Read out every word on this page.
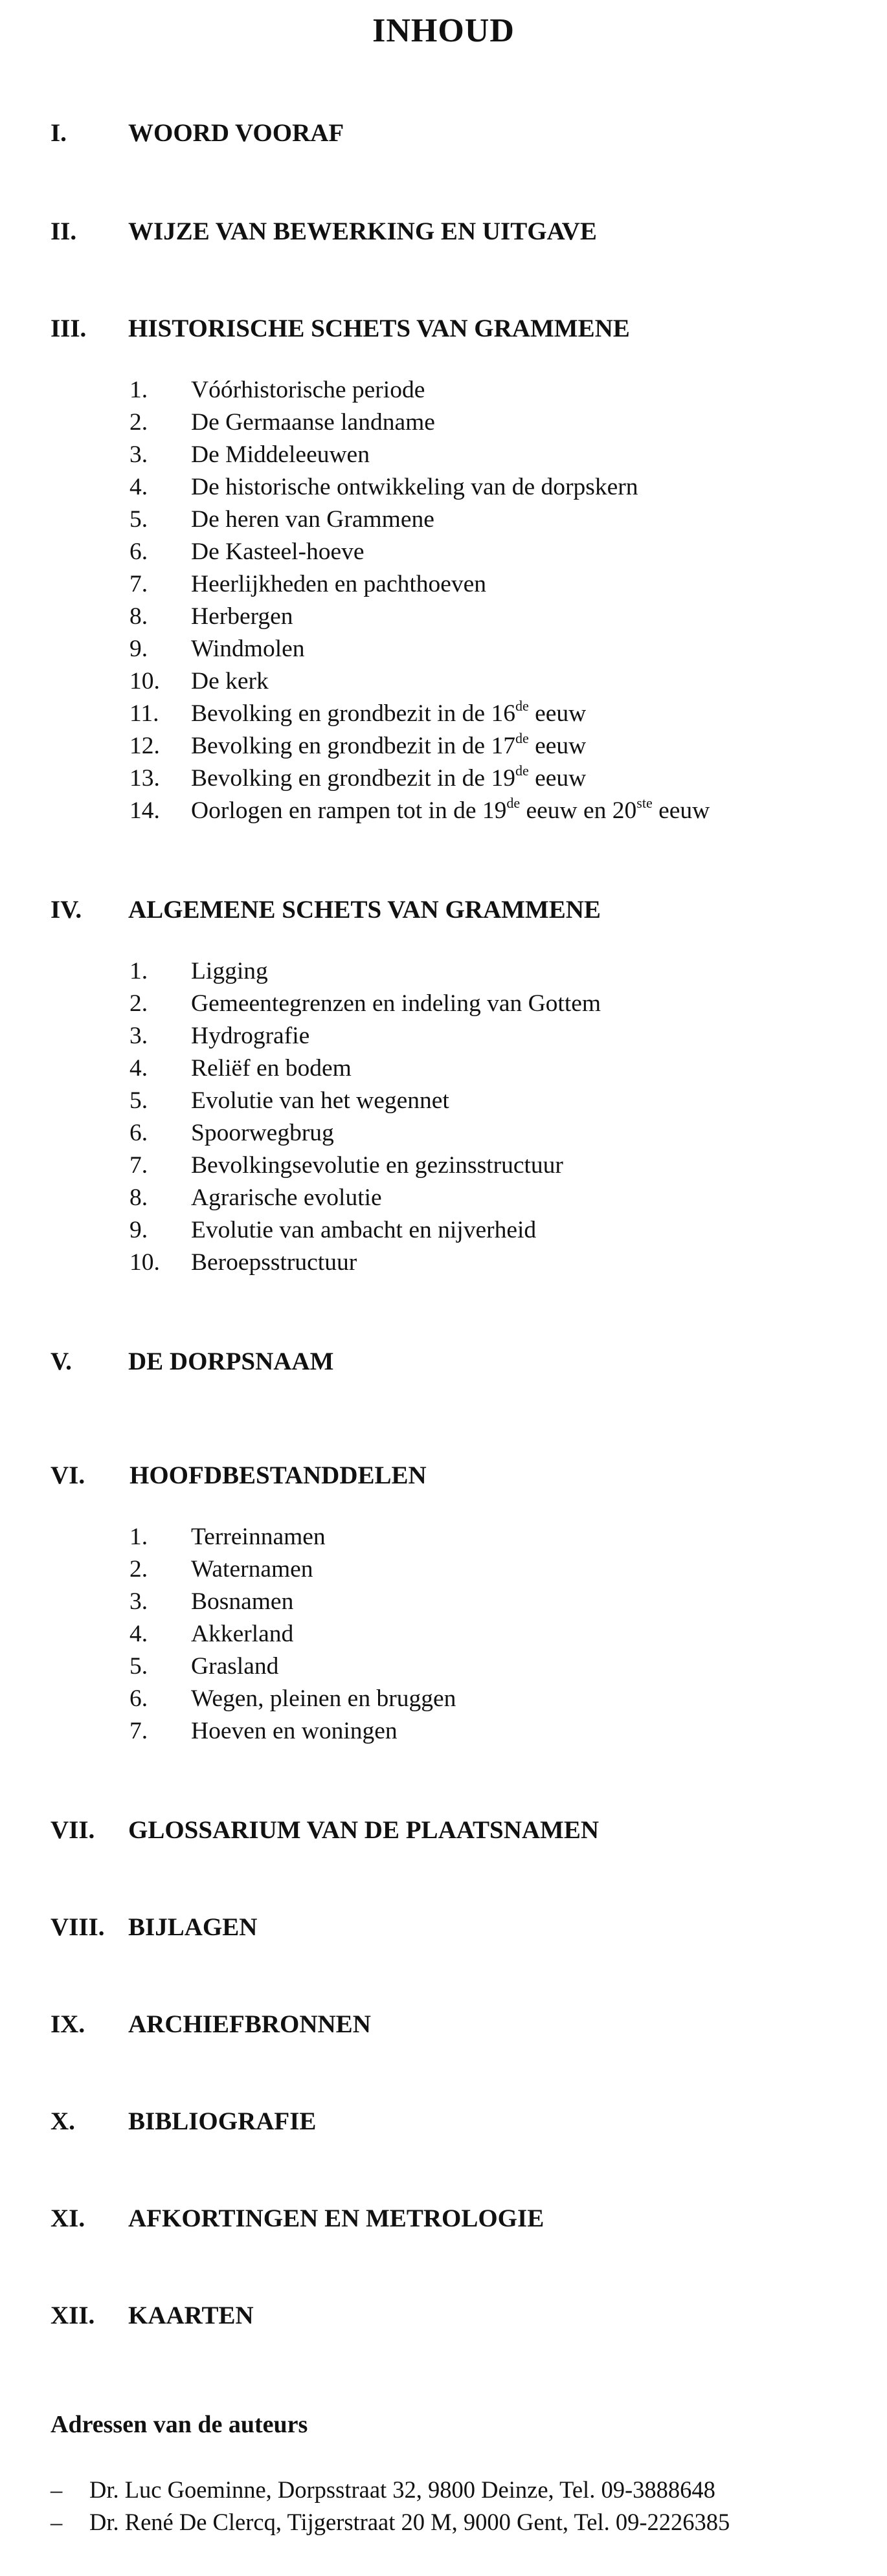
INHOUD
I. WOORD VOORAF
II. WIJZE VAN BEWERKING EN UITGAVE
III. HISTORISCHE SCHETS VAN GRAMMENE
1. Vóórhistorische periode
2. De Germaanse landname
3. De Middeleeuwen
4. De historische ontwikkeling van de dorpskern
5. De heren van Grammene
6. De Kasteel-hoeve
7. Heerlijkheden en pachthoeven
8. Herbergen
9. Windmolen
10. De kerk
11. Bevolking en grondbezit in de 16de eeuw
12. Bevolking en grondbezit in de 17de eeuw
13. Bevolking en grondbezit in de 19de eeuw
14. Oorlogen en rampen tot in de 19de eeuw en 20ste eeuw
IV. ALGEMENE SCHETS VAN GRAMMENE
1. Ligging
2. Gemeentegrenzen en indeling van Gottem
3. Hydrografie
4. Reliëf en bodem
5. Evolutie van het wegennet
6. Spoorwegbrug
7. Bevolkingsevolutie en gezinsstructuur
8. Agrarische evolutie
9. Evolutie van ambacht en nijverheid
10. Beroepsstructuur
V. DE DORPSNAAM
VI. HOOFDBESTANDDELEN
1. Terreinnamen
2. Waternamen
3. Bosnamen
4. Akkerland
5. Grasland
6. Wegen, pleinen en bruggen
7. Hoeven en woningen
VII. GLOSSARIUM VAN DE PLAATSNAMEN
VIII. BIJLAGEN
IX. ARCHIEFBRONNEN
X. BIBLIOGRAFIE
XI. AFKORTINGEN EN METROLOGIE
XII. KAARTEN
Adressen van de auteurs
– Dr. Luc Goeminne, Dorpsstraat 32, 9800 Deinze, Tel. 09-3888648
– Dr. René De Clercq, Tijgerstraat 20 M, 9000 Gent, Tel. 09-2226385
